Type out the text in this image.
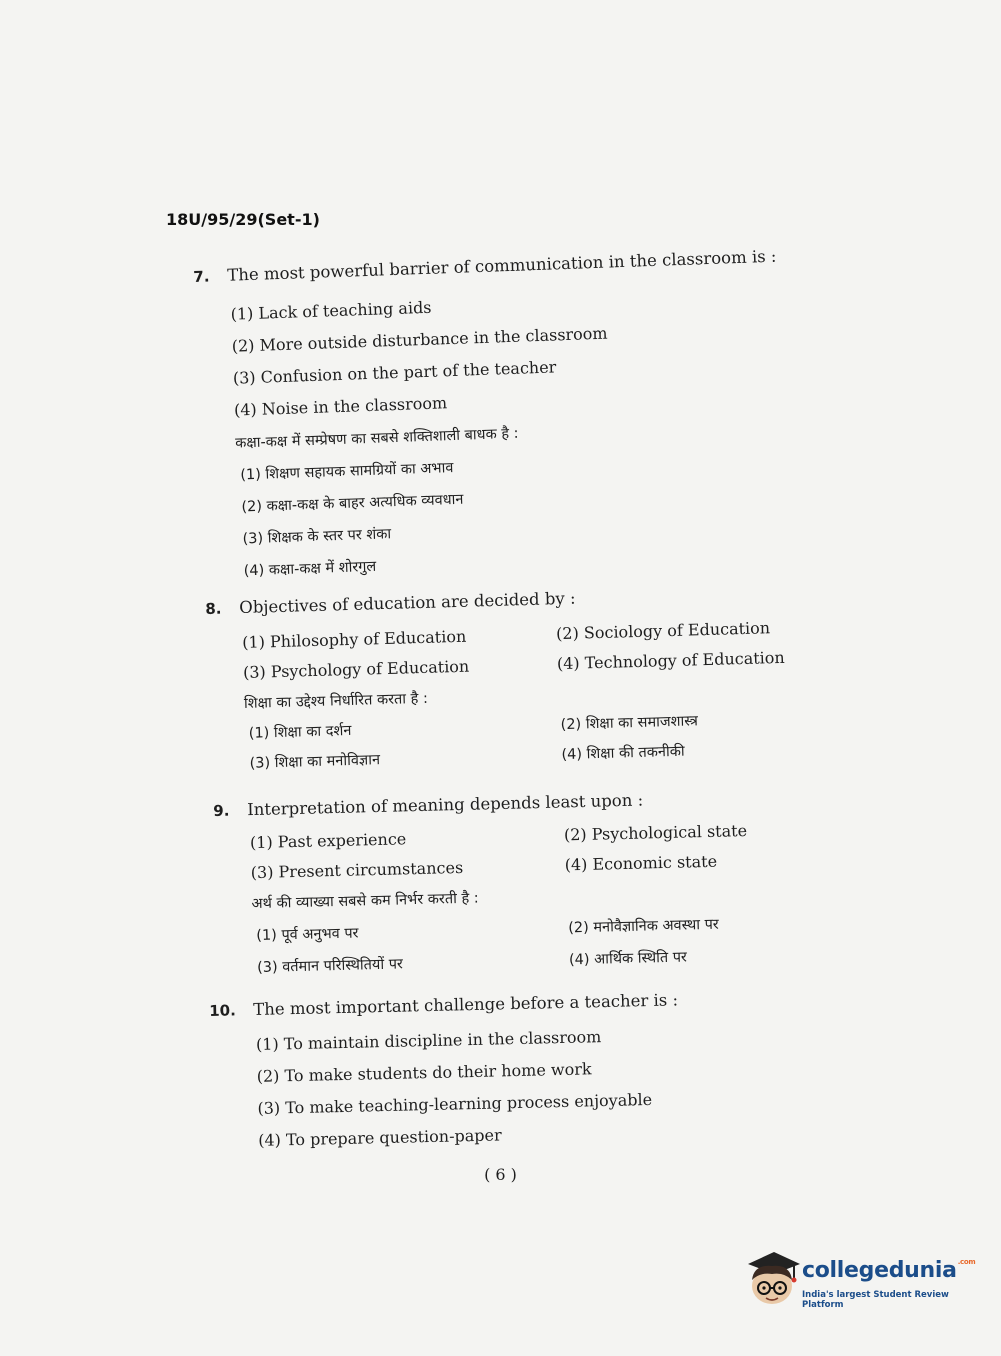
18U/95/29(Set-1)
7. The most powerful barrier of communication in the classroom is :
(1) Lack of teaching aids
(2) More outside disturbance in the classroom
(3) Confusion on the part of the teacher
(4) Noise in the classroom
कक्षा-कक्ष में सम्प्रेषण का सबसे शक्तिशाली बाधक है :
(1) शिक्षण सहायक सामग्रियों का अभाव
(2) कक्षा-कक्ष के बाहर अत्यधिक व्यवधान
(3) शिक्षक के स्तर पर शंका
(4) कक्षा-कक्ष में शोरगुल
8. Objectives of education are decided by :
(1) Philosophy of Education	(2) Sociology of Education
(3) Psychology of Education	(4) Technology of Education
शिक्षा का उद्देश्य निर्धारित करता है :
(1) शिक्षा का दर्शन	(2) शिक्षा का समाजशास्त्र
(3) शिक्षा का मनोविज्ञान	(4) शिक्षा की तकनीकी
9. Interpretation of meaning depends least upon :
(1) Past experience	(2) Psychological state
(3) Present circumstances	(4) Economic state
अर्थ की व्याख्या सबसे कम निर्भर करती है :
(1) पूर्व अनुभव पर	(2) मनोवैज्ञानिक अवस्था पर
(3) वर्तमान परिस्थितियों पर	(4) आर्थिक स्थिति पर
10. The most important challenge before a teacher is :
(1) To maintain discipline in the classroom
(2) To make students do their home work
(3) To make teaching-learning process enjoyable
(4) To prepare question-paper
( 6 )
collegedunia$^{.com}$
India's largest Student Review Platform
